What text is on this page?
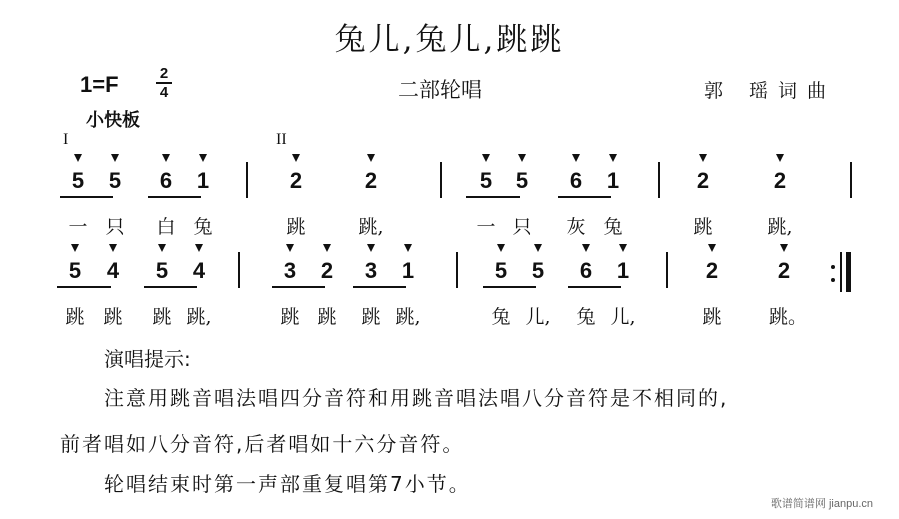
兔儿,兔儿,跳跳
1=F	2
4	二部轮唱	郭 瑶词曲
小快板
I	II
5
一
5
只
6
白
1
兔
2
跳
2
跳,
5
一
5
只
6
灰
1
兔
2
跳
2
跳,
5
跳
4
跳
5
跳
4
跳,
3
跳
2
跳
3
跳
1
跳,
5
兔
5
儿,
6
兔
1
儿,
2
跳
2
跳。
演唱提示:
注意用跳音唱法唱四分音符和用跳音唱法唱八分音符是不相同的,
前者唱如八分音符,后者唱如十六分音符。
轮唱结束时第一声部重复唱第7小节。
歌谱简谱网 jianpu.cn
